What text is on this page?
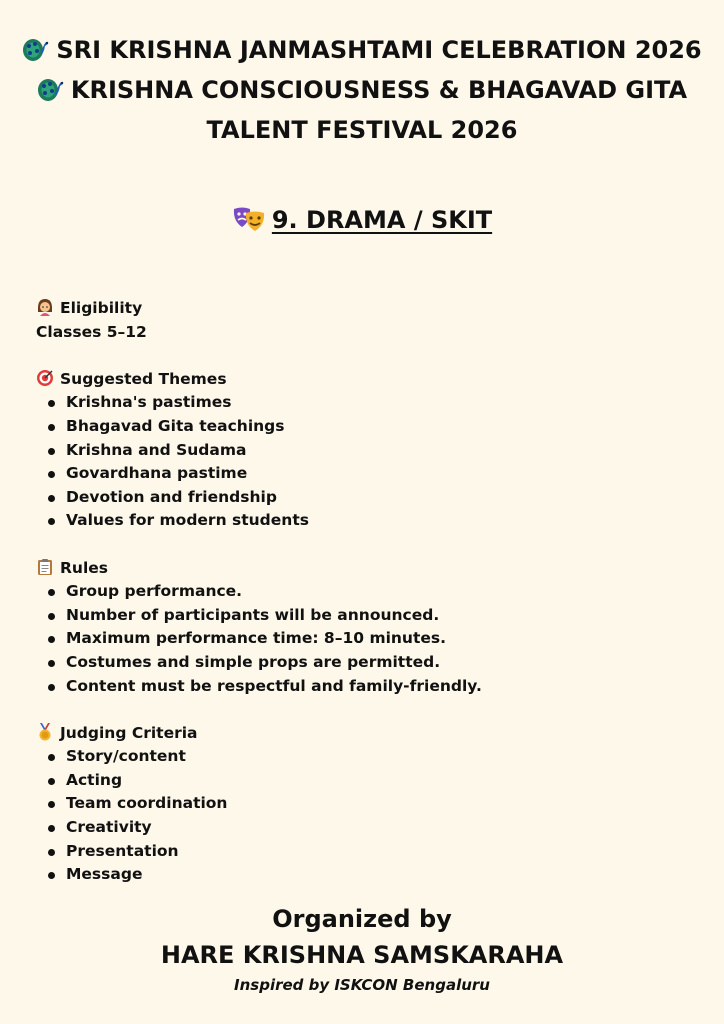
SRI KRISHNA JANMASHTAMI CELEBRATION 2026
KRISHNA CONSCIOUSNESS & BHAGAVAD GITA
TALENT FESTIVAL 2026
9. DRAMA / SKIT
Eligibility
Classes 5–12
Suggested Themes
Krishna's pastimes
Bhagavad Gita teachings
Krishna and Sudama
Govardhana pastime
Devotion and friendship
Values for modern students
Rules
Group performance.
Number of participants will be announced.
Maximum performance time: 8–10 minutes.
Costumes and simple props are permitted.
Content must be respectful and family-friendly.
Judging Criteria
Story/content
Acting
Team coordination
Creativity
Presentation
Message
Organized by
HARE KRISHNA SAMSKARAHA
Inspired by ISKCON Bengaluru
